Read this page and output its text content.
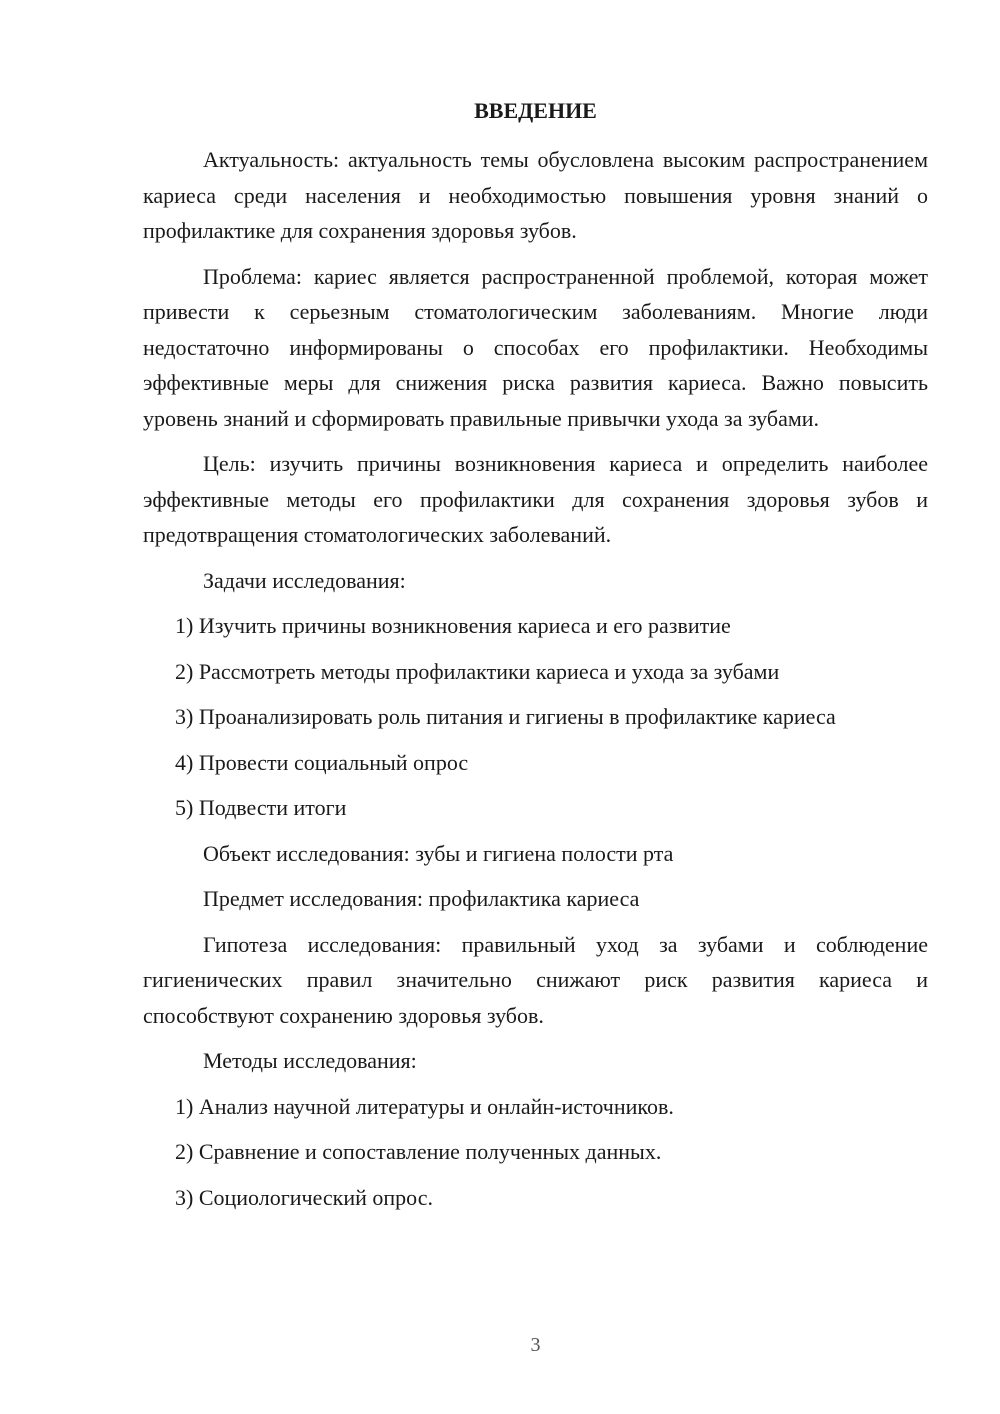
ВВЕДЕНИЕ

Актуальность: актуальность темы обусловлена высоким распространением кариеса среди населения и необходимостью повышения уровня знаний о профилактике для сохранения здоровья зубов.

Проблема: кариес является распространенной проблемой, которая может привести к серьезным стоматологическим заболеваниям. Многие люди недостаточно информированы о способах его профилактики. Необходимы эффективные меры для снижения риска развития кариеса. Важно повысить уровень знаний и сформировать правильные привычки ухода за зубами.

Цель: изучить причины возникновения кариеса и определить наиболее эффективные методы его профилактики для сохранения здоровья зубов и предотвращения стоматологических заболеваний.

Задачи исследования:
1) Изучить причины возникновения кариеса и его развитие
2) Рассмотреть методы профилактики кариеса и ухода за зубами
3) Проанализировать роль питания и гигиены в профилактике кариеса
4) Провести социальный опрос
5) Подвести итоги
Объект исследования: зубы и гигиена полости рта
Предмет исследования: профилактика кариеса

Гипотеза исследования: правильный уход за зубами и соблюдение гигиенических правил значительно снижают риск развития кариеса и способствуют сохранению здоровья зубов.

Методы исследования:
1) Анализ научной литературы и онлайн-источников.
2) Сравнение и сопоставление полученных данных.
3) Социологический опрос.
3
